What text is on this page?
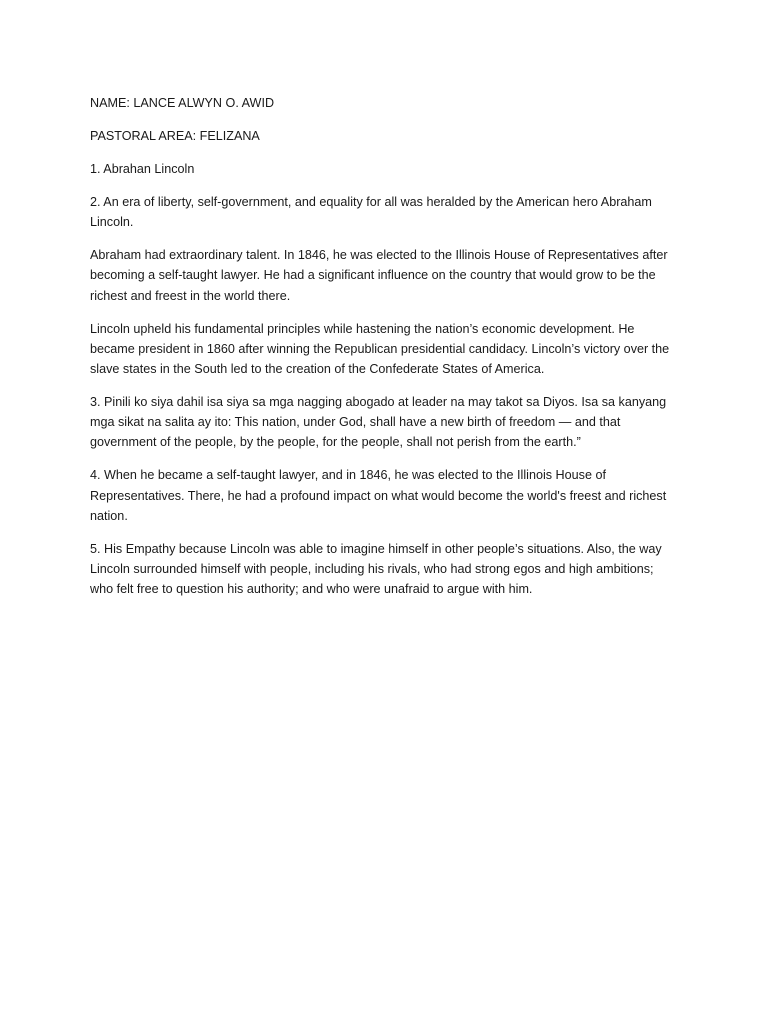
NAME: LANCE ALWYN O. AWID

PASTORAL AREA: FELIZANA

1. Abrahan Lincoln

2. An era of liberty, self-government, and equality for all was heralded by the American hero Abraham Lincoln.

Abraham had extraordinary talent. In 1846, he was elected to the Illinois House of Representatives after becoming a self-taught lawyer. He had a significant influence on the country that would grow to be the richest and freest in the world there.

Lincoln upheld his fundamental principles while hastening the nation’s economic development. He became president in 1860 after winning the Republican presidential candidacy. Lincoln’s victory over the slave states in the South led to the creation of the Confederate States of America.

3. Pinili ko siya dahil isa siya sa mga nagging abogado at leader na may takot sa Diyos. Isa sa kanyang mga sikat na salita ay ito: This nation, under God, shall have a new birth of freedom — and that government of the people, by the people, for the people, shall not perish from the earth.”

4. When he became a self-taught lawyer, and in 1846, he was elected to the Illinois House of Representatives. There, he had a profound impact on what would become the world's freest and richest nation.

5. His Empathy because Lincoln was able to imagine himself in other people’s situations. Also, the way Lincoln surrounded himself with people, including his rivals, who had strong egos and high ambitions; who felt free to question his authority; and who were unafraid to argue with him.
